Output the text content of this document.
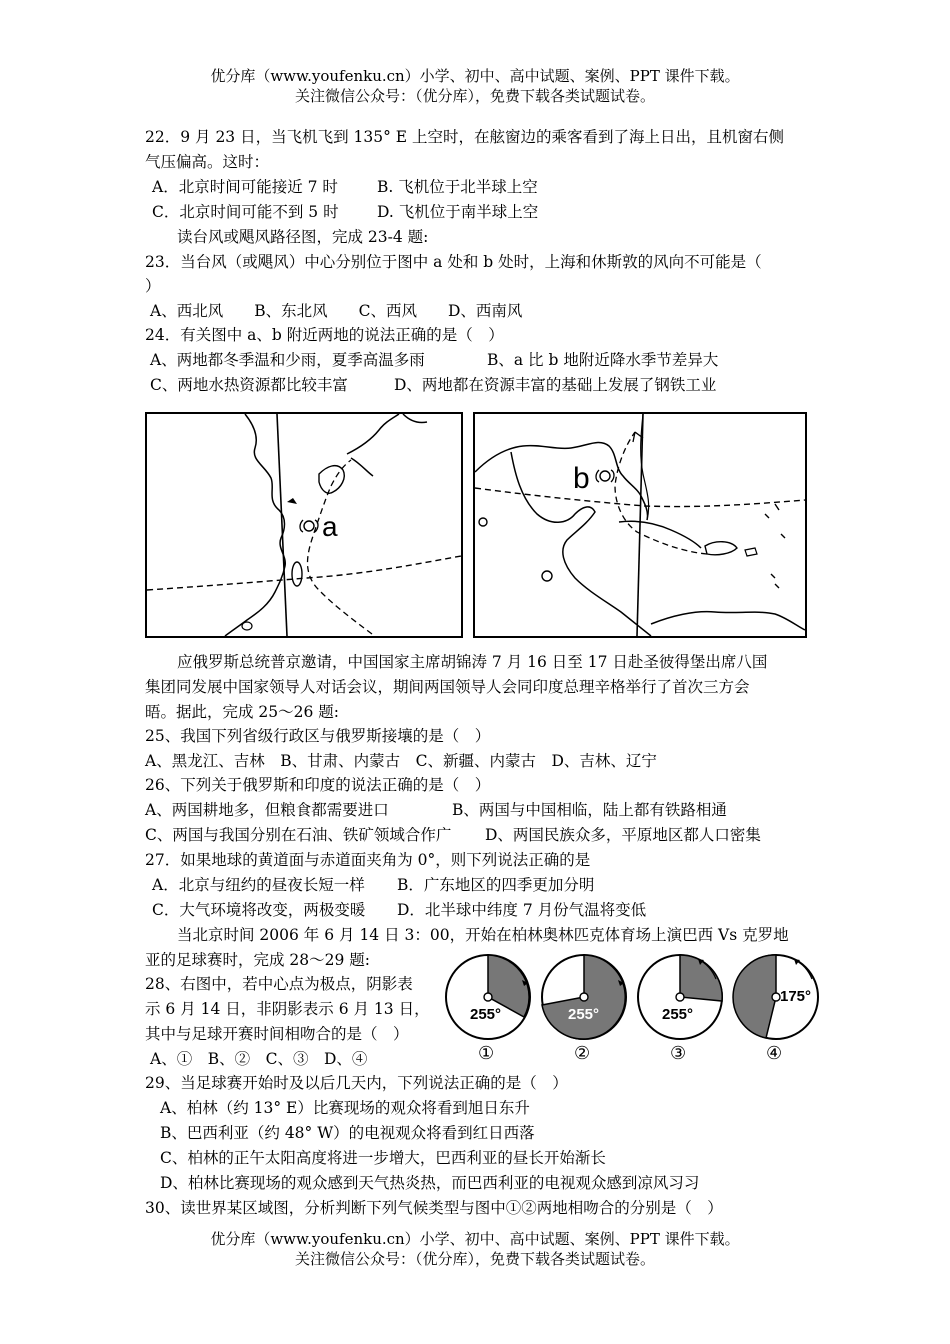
优分库（www.youfenku.cn）小学、初中、高中试题、案例、PPT 课件下载。
关注微信公众号：（优分库），免费下载各类试题试卷。
22．9 月 23 日，当飞机飞到 135° E 上空时，在舷窗边的乘客看到了海上日出，且机窗右侧
气压偏高。这时：
A．北京时间可能接近 7 时	B. 飞机位于北半球上空
C．北京时间可能不到 5 时 D. 飞机位于南半球上空
读台风或飓风路径图，完成 23-4 题:
23．当台风（或飓风）中心分别位于图中 a 处和 b 处时，上海和休斯敦的风向不可能是（
）
A、西北风　　B、东北风　　C、西风　　D、西南风
24．有关图中 a、b 附近两地的说法正确的是（　）
A、两地都冬季温和少雨，夏季高温多雨	B、a 比 b 地附近降水季节差异大
C、两地水热资源都比较丰富	D、两地都在资源丰富的基础上发展了钢铁工业
a
b
应俄罗斯总统普京邀请，中国国家主席胡锦涛 7 月 16 日至 17 日赴圣彼得堡出席八国
集团同发展中国家领导人对话会议，期间两国领导人会同印度总理辛格举行了首次三方会
晤。据此，完成 25～26 题:
25、我国下列省级行政区与俄罗斯接壤的是（　）
A、黑龙江、吉林　B、甘肃、内蒙古　C、新疆、内蒙古　D、吉林、辽宁
26、下列关于俄罗斯和印度的说法正确的是（　）
A、两国耕地多，但粮食都需要进口	B、两国与中国相临，陆上都有铁路相通
C、两国与我国分别在石油、铁矿领域合作广 D、两国民族众多，平原地区都人口密集
27．如果地球的黄道面与赤道面夹角为 0°，则下列说法正确的是
A．北京与纽约的昼夜长短一样 B．广东地区的四季更加分明
C．大气环境将改变，两极变暖 D．北半球中纬度 7 月份气温将变低
当北京时间 2006 年 6 月 14 日 3：00，开始在柏林奥林匹克体育场上演巴西 Vs 克罗地
亚的足球赛时，完成 28～29 题:
28、右图中，若中心点为极点，阴影表
示 6 月 14 日，非阴影表示 6 月 13 日，
其中与足球开赛时间相吻合的是（　）
A、①　B、②　C、③　D、④
255°
①
255°
②
255°
③
175°
④
29、当足球赛开始时及以后几天内，下列说法正确的是（　）
A、柏林（约 13° E）比赛现场的观众将看到旭日东升
B、巴西利亚（约 48° W）的电视观众将看到红日西落
C、柏林的正午太阳高度将进一步增大，巴西利亚的昼长开始渐长
D、柏林比赛现场的观众感到天气热炎热，而巴西利亚的电视观众感到凉风习习
30、读世界某区域图，分析判断下列气候类型与图中①②两地相吻合的分别是（　）
优分库（www.youfenku.cn）小学、初中、高中试题、案例、PPT 课件下载。
关注微信公众号：（优分库），免费下载各类试题试卷。
